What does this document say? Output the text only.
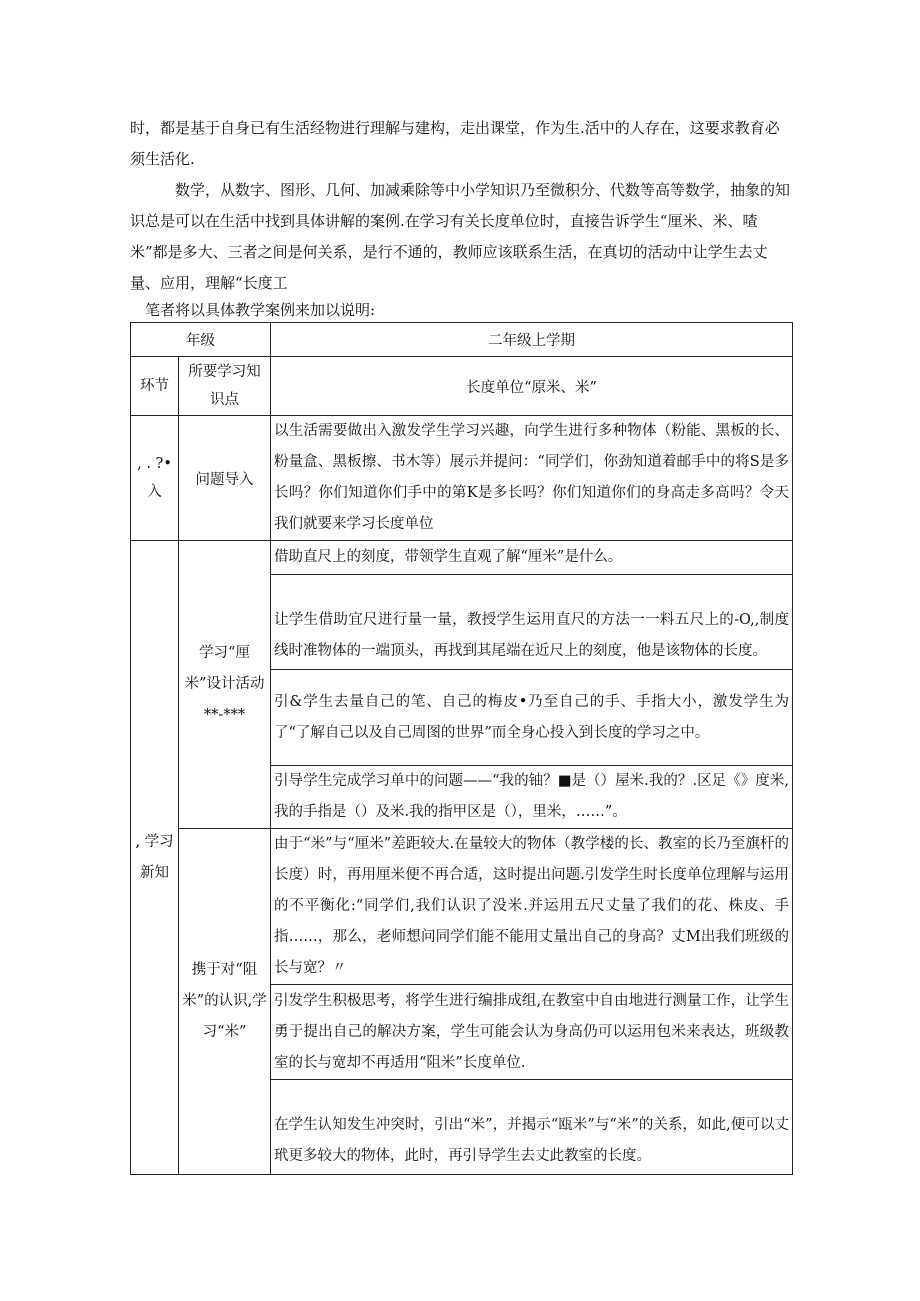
时，都是基于自身已有生活经物进行理解与建构，走出课堂，作为生.活中的人存在，这要求教育必须生活化.

数学，从数字、图形、几何、加减乘除等中小学知识乃至微积分、代数等高等数学，抽象的知识总是可以在生活中找到具体讲解的案例.在学习有关长度单位时，直接告诉学生“厘米、米、喳米”都是多大、三者之间是何关系，是行不通的，教师应该联系生活，在真切的活动中让学生去丈量、应用，理解“长度工

笔者将以具体教学案例来加以说明:

年级		二年级上学期
环节	所要学习知识点	长度单位“原米、米”
, . ?• 入	问题导入	以生活需要做出入激发学生学习兴趣，向学生进行多种物体（粉能、黑板的长、粉量盒、黑板擦、书木等）展示并提问：“同学们，你劲知道着邮手中的将S是多长吗？你们知道你们手中的第K是多长吗？你们知道你们的身高走多高吗？令天我们就要来学习长度单位
, 学习新知	学习“厘米”设计活动**-***	借助直尺上的刻度，带领学生直观了解“厘米”是什么。
		让学生借助宜尺进行量一量，教授学生运用直尺的方法一一料五尺上的-O,,制度线时准物体的一端顶头，再找到其尾端在近尺上的刻度，他是该物体的长度。
		引&学生去量自己的笔、自己的梅皮•乃至自己的手、手指大小，激发学生为了“了解自己以及自己周图的世界”而全身心投入到长度的学习之中。
		引导学生完成学习单中的问题——“我的铀？■是（）屋米.我的？.区足《》度米,我的手指是（）及米.我的指甲区是（），里米，……”。
	携于对“阻米”的认识,学习“米”	由于“米”与“厘米”差距较大.在量较大的物体（教学楼的长、教室的长乃至旗杆的长度）时，再用厘米便不再合适，这时提出问题.引发学生时长度单位理解与运用的不平衡化:“同学们,我们认识了没米.并运用五尺丈量了我们的花、株皮、手指……，那么，老师想问同学们能不能用丈量出自己的身高？丈M出我们班级的长与宽？〃
		引发学生积极思考，将学生进行编排成组,在教室中自由地进行测量工作，让学生勇于提出自己的解决方案，学生可能会认为身高仍可以运用包米来表达，班级教室的长与宽却不再适用“阻米”长度单位.
		在学生认知发生冲突时，引出“米”，并揭示“瓯米”与“米”的关系，如此,便可以丈玳更多较大的物体，此时，再引导学生去丈此教室的长度。
